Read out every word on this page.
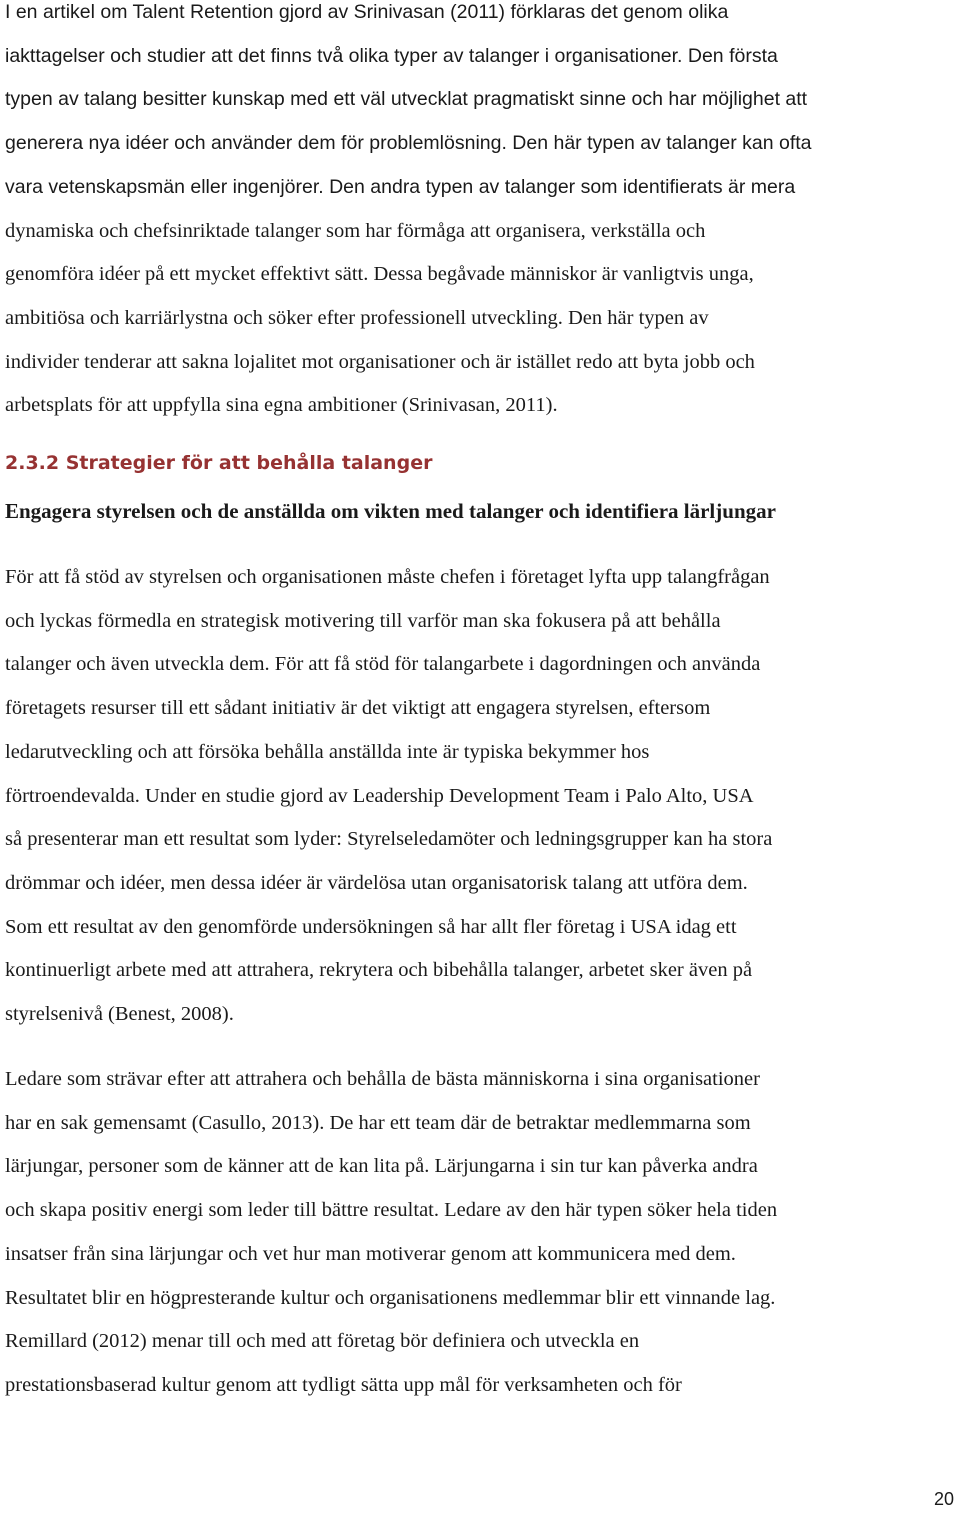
I en artikel om Talent Retention gjord av Srinivasan (2011) förklaras det genom olika
iakttagelser och studier att det finns två olika typer av talanger i organisationer. Den första
typen av talang besitter kunskap med ett väl utvecklat pragmatiskt sinne och har möjlighet att
generera nya idéer och använder dem för problemlösning. Den här typen av talanger kan ofta
vara vetenskapsmän eller ingenjörer. Den andra typen av talanger som identifierats är mera
dynamiska och chefsinriktade talanger som har förmåga att organisera, verkställa och
genomföra idéer på ett mycket effektivt sätt. Dessa begåvade människor är vanligtvis unga,
ambitiösa och karriärlystna och söker efter professionell utveckling. Den här typen av
individer tenderar att sakna lojalitet mot organisationer och är istället redo att byta jobb och
arbetsplats för att uppfylla sina egna ambitioner (Srinivasan, 2011).
2.3.2 Strategier för att behålla talanger
Engagera styrelsen och de anställda om vikten med talanger och identifiera lärljungar
För att få stöd av styrelsen och organisationen måste chefen i företaget lyfta upp talangfrågan
och lyckas förmedla en strategisk motivering till varför man ska fokusera på att behålla
talanger och även utveckla dem. För att få stöd för talangarbete i dagordningen och använda
företagets resurser till ett sådant initiativ är det viktigt att engagera styrelsen, eftersom
ledarutveckling och att försöka behålla anställda inte är typiska bekymmer hos
förtroendevalda. Under en studie gjord av Leadership Development Team i Palo Alto, USA
så presenterar man ett resultat som lyder: Styrelseledamöter och ledningsgrupper kan ha stora
drömmar och idéer, men dessa idéer är värdelösa utan organisatorisk talang att utföra dem.
Som ett resultat av den genomförde undersökningen så har allt fler företag i USA idag ett
kontinuerligt arbete med att attrahera, rekrytera och bibehålla talanger, arbetet sker även på
styrelsenivå (Benest, 2008).
Ledare som strävar efter att attrahera och behålla de bästa människorna i sina organisationer
har en sak gemensamt (Casullo, 2013). De har ett team där de betraktar medlemmarna som
lärjungar, personer som de känner att de kan lita på. Lärjungarna i sin tur kan påverka andra
och skapa positiv energi som leder till bättre resultat. Ledare av den här typen söker hela tiden
insatser från sina lärjungar och vet hur man motiverar genom att kommunicera med dem.
Resultatet blir en högpresterande kultur och organisationens medlemmar blir ett vinnande lag.
Remillard (2012) menar till och med att företag bör definiera och utveckla en
prestationsbaserad kultur genom att tydligt sätta upp mål för verksamheten och för
20
